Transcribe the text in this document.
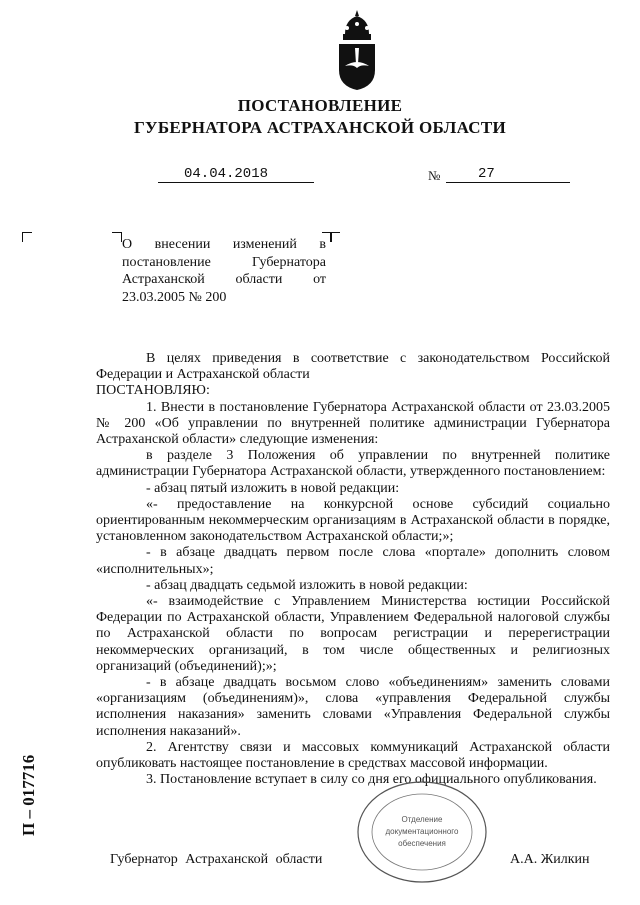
ПОСТАНОВЛЕНИЕ
ГУБЕРНАТОРА АСТРАХАНСКОЙ ОБЛАСТИ
04.04.2018	№	27
О внесении изменений в постановление Губернатора Астраханской области от 23.03.2005 № 200
В целях приведения в соответствие с законодательством Российской Федерации и Астраханской области
ПОСТАНОВЛЯЮ:
1. Внести в постановление Губернатора Астраханской области от 23.03.2005 № 200 «Об управлении по внутренней политике администрации Губернатора Астраханской области» следующие изменения:
в разделе 3 Положения об управлении по внутренней политике администрации Губернатора Астраханской области, утвержденного постановлением:
- абзац пятый изложить в новой редакции:
«- предоставление на конкурсной основе субсидий социально ориентированным некоммерческим организациям в Астраханской области в порядке, установленном законодательством Астраханской области;»;
- в абзаце двадцать первом после слова «портале» дополнить словом «исполнительных»;
- абзац двадцать седьмой изложить в новой редакции:
«- взаимодействие с Управлением Министерства юстиции Российской Федерации по Астраханской области, Управлением Федеральной налоговой службы по Астраханской области по вопросам регистрации и перерегистрации некоммерческих организаций, в том числе общественных и религиозных организаций (объединений);»;
- в абзаце двадцать восьмом слово «объединениям» заменить словами «организациям (объединениям)», слова «управления Федеральной службы исполнения наказания» заменить словами «Управления Федеральной службы исполнения наказаний».
2. Агентству связи и массовых коммуникаций Астраханской области опубликовать настоящее постановление в средствах массовой информации.
3. Постановление вступает в силу со дня его официального опубликования.
Отделение
документационного
обеспечения
Губернатор Астраханской области	А.А. Жилкин
П – 017716
